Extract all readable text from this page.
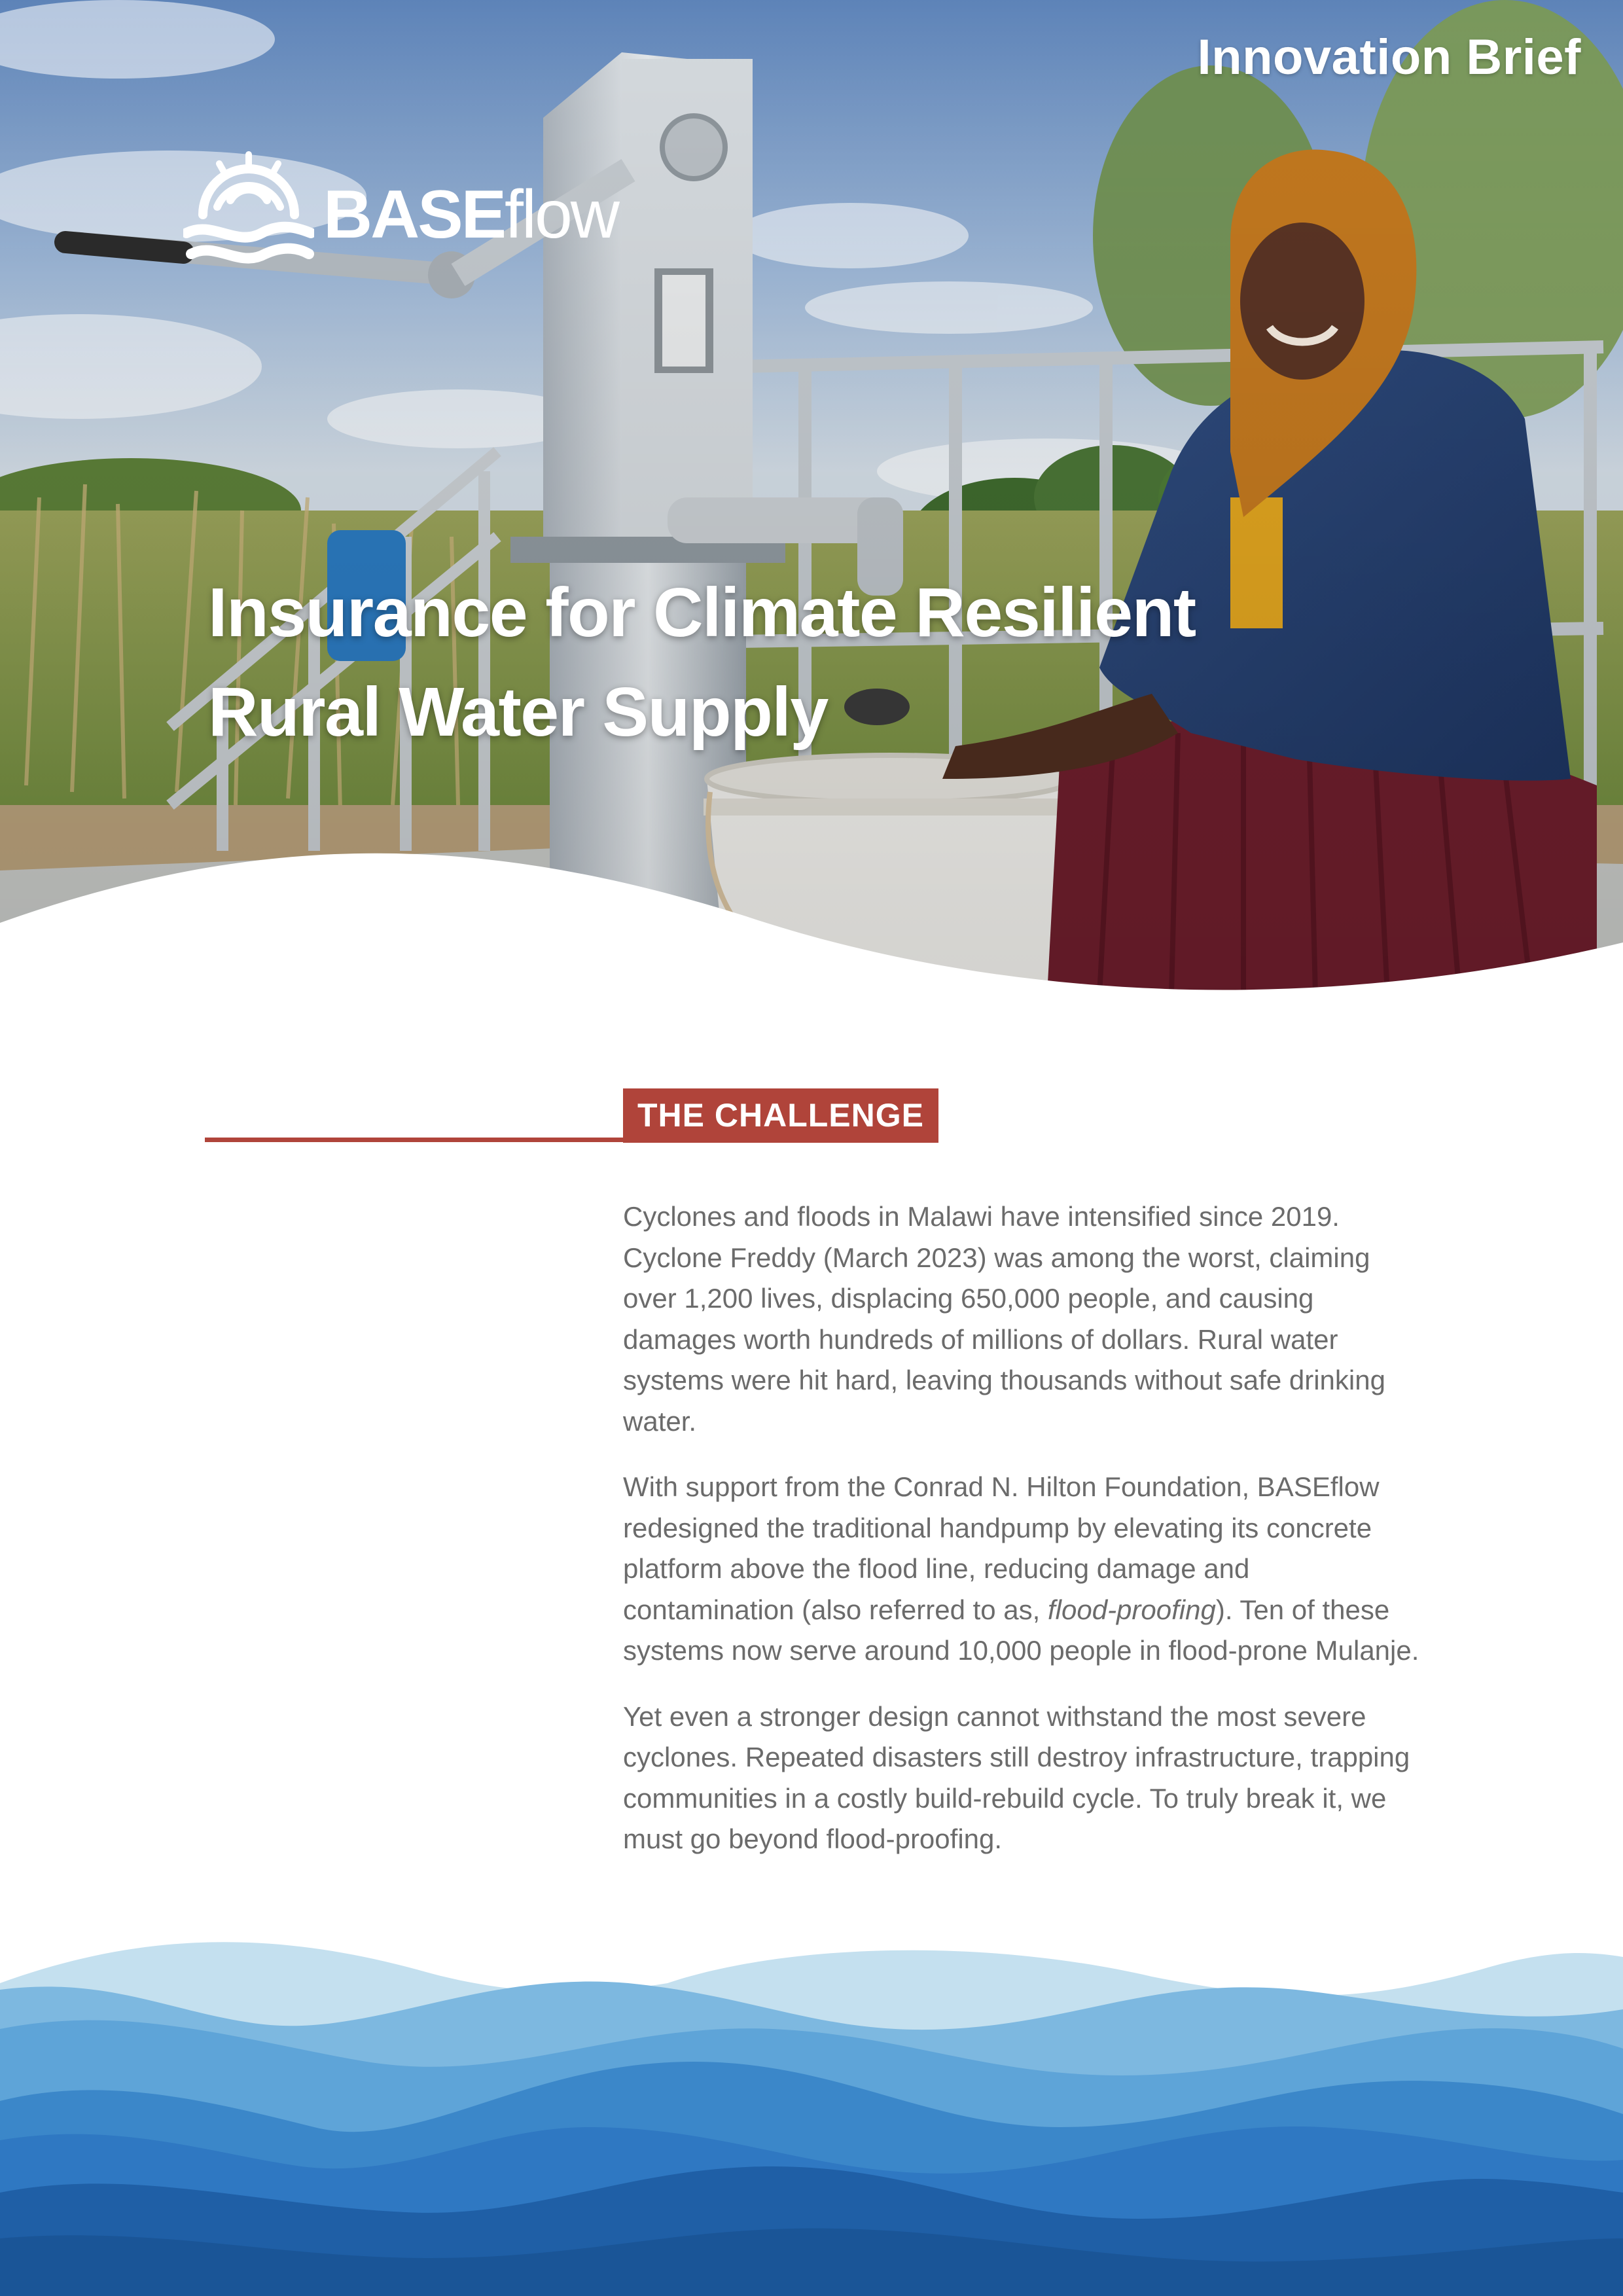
Innovation Brief
BASEflow
Insurance for Climate Resilient
Rural Water Supply
THE CHALLENGE

Cyclones and floods in Malawi have intensified since 2019. Cyclone Freddy (March 2023) was among the worst, claiming over 1,200 lives, displacing 650,000 people, and causing damages worth hundreds of millions of dollars. Rural water systems were hit hard, leaving thousands without safe drinking water.

With support from the Conrad N. Hilton Foundation, BASEflow redesigned the traditional handpump by elevating its concrete platform above the flood line, reducing damage and contamination (also referred to as, flood-proofing). Ten of these systems now serve around 10,000 people in flood-prone Mulanje.

Yet even a stronger design cannot withstand the most severe cyclones. Repeated disasters still destroy infrastructure, trapping communities in a costly build-rebuild cycle. To truly break it, we must go beyond flood-proofing.
